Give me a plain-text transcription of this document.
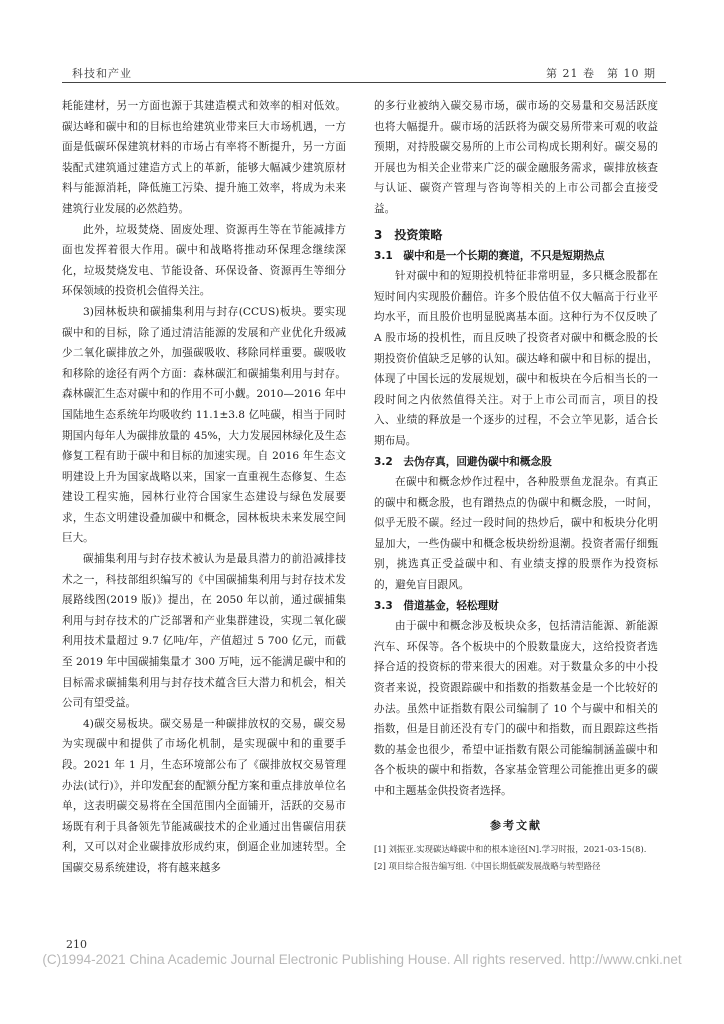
科技和产业	第 21 卷　第 10 期
耗能建材，另一方面也源于其建造模式和效率的相对低效。碳达峰和碳中和的目标也给建筑业带来巨大市场机遇，一方面是低碳环保建筑材料的市场占有率将不断提升，另一方面装配式建筑通过建造方式上的革新，能够大幅减少建筑原材料与能源消耗，降低施工污染、提升施工效率，将成为未来建筑行业发展的必然趋势。
此外，垃圾焚烧、固废处理、资源再生等在节能减排方面也发挥着很大作用。碳中和战略将推动环保理念继续深化，垃圾焚烧发电、节能设备、环保设备、资源再生等细分环保领域的投资机会值得关注。
3)园林板块和碳捕集利用与封存(CCUS)板块。要实现碳中和的目标，除了通过清洁能源的发展和产业优化升级减少二氧化碳排放之外，加强碳吸收、移除同样重要。碳吸收和移除的途径有两个方面：森林碳汇和碳捕集利用与封存。森林碳汇生态对碳中和的作用不可小觑。2010—2016 年中国陆地生态系统年均吸收约 11.1±3.8 亿吨碳，相当于同时期国内每年人为碳排放量的 45%，大力发展园林绿化及生态修复工程有助于碳中和目标的加速实现。自 2016 年生态文明建设上升为国家战略以来，国家一直重视生态修复、生态建设工程实施，园林行业符合国家生态建设与绿色发展要求，生态文明建设叠加碳中和概念，园林板块未来发展空间巨大。
碳捕集利用与封存技术被认为是最具潜力的前沿减排技术之一，科技部组织编写的《中国碳捕集利用与封存技术发展路线图(2019 版)》提出，在 2050 年以前，通过碳捕集利用与封存技术的广泛部署和产业集群建设，实现二氧化碳利用技术量超过 9.7 亿吨/年，产值超过 5 700 亿元，而截至 2019 年中国碳捕集量才 300 万吨，远不能满足碳中和的目标需求碳捕集利用与封存技术蕴含巨大潜力和机会，相关公司有望受益。
4)碳交易板块。碳交易是一种碳排放权的交易，碳交易为实现碳中和提供了市场化机制，是实现碳中和的重要手段。2021 年 1 月，生态环境部公布了《碳排放权交易管理办法(试行)》，并印发配套的配额分配方案和重点排放单位名单，这表明碳交易将在全国范围内全面铺开，活跃的交易市场既有利于具备领先节能减碳技术的企业通过出售碳信用获利，又可以对企业碳排放形成约束，倒逼企业加速转型。全国碳交易系统建设，将有越来越多
的多行业被纳入碳交易市场，碳市场的交易量和交易活跃度也将大幅提升。碳市场的活跃将为碳交易所带来可观的收益预期，对持股碳交易所的上市公司构成长期利好。碳交易的开展也为相关企业带来广泛的碳金融服务需求，碳排放核查与认证、碳资产管理与咨询等相关的上市公司都会直接受益。
3　投资策略
3.1　碳中和是一个长期的赛道，不只是短期热点
针对碳中和的短期投机特征非常明显，多只概念股都在短时间内实现股价翻倍。许多个股估值不仅大幅高于行业平均水平，而且股价也明显脱离基本面。这种行为不仅反映了 A 股市场的投机性，而且反映了投资者对碳中和概念股的长期投资价值缺乏足够的认知。碳达峰和碳中和目标的提出，体现了中国长远的发展规划，碳中和板块在今后相当长的一段时间之内依然值得关注。对于上市公司而言，项目的投入、业绩的释放是一个逐步的过程，不会立竿见影，适合长期布局。
3.2　去伪存真，回避伪碳中和概念股
在碳中和概念炒作过程中，各种股票鱼龙混杂。有真正的碳中和概念股，也有蹭热点的伪碳中和概念股，一时间，似乎无股不碳。经过一段时间的热炒后，碳中和板块分化明显加大，一些伪碳中和概念板块纷纷退潮。投资者需仔细甄别，挑选真正受益碳中和、有业绩支撑的股票作为投资标的，避免盲目跟风。
3.3　借道基金，轻松理财
由于碳中和概念涉及板块众多，包括清洁能源、新能源汽车、环保等。各个板块中的个股数量庞大，这给投资者选择合适的投资标的带来很大的困难。对于数量众多的中小投资者来说，投资跟踪碳中和指数的指数基金是一个比较好的办法。虽然中证指数有限公司编制了 10 个与碳中和相关的指数，但是目前还没有专门的碳中和指数，而且跟踪这些指数的基金也很少，希望中证指数有限公司能编制涵盖碳中和各个板块的碳中和指数，各家基金管理公司能推出更多的碳中和主题基金供投资者选择。
参考文献
[1] 刘振亚.实现碳达峰碳中和的根本途径[N].学习时报，2021-03-15(8).
[2] 项目综合报告编写组.《中国长期低碳发展战略与转型路径
210
(C)1994-2021 China Academic Journal Electronic Publishing House. All rights reserved. http://www.cnki.net
